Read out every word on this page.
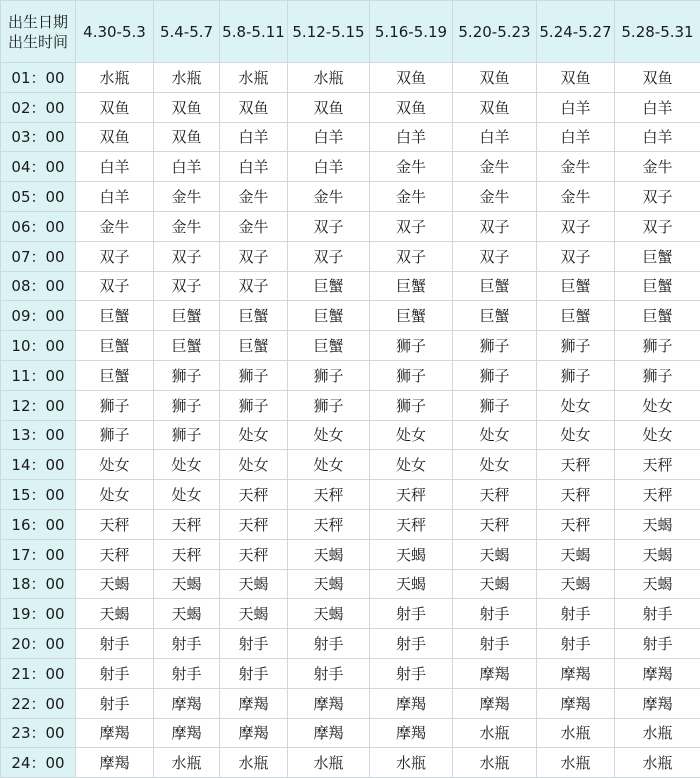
出生日期
出生时间	4.30-5.3	5.4-5.7	5.8-5.11	5.12-5.15	5.16-5.19	5.20-5.23	5.24-5.27	5.28-5.31
01：00	水瓶	水瓶	水瓶	水瓶	双鱼	双鱼	双鱼	双鱼
02：00	双鱼	双鱼	双鱼	双鱼	双鱼	双鱼	白羊	白羊
03：00	双鱼	双鱼	白羊	白羊	白羊	白羊	白羊	白羊
04：00	白羊	白羊	白羊	白羊	金牛	金牛	金牛	金牛
05：00	白羊	金牛	金牛	金牛	金牛	金牛	金牛	双子
06：00	金牛	金牛	金牛	双子	双子	双子	双子	双子
07：00	双子	双子	双子	双子	双子	双子	双子	巨蟹
08：00	双子	双子	双子	巨蟹	巨蟹	巨蟹	巨蟹	巨蟹
09：00	巨蟹	巨蟹	巨蟹	巨蟹	巨蟹	巨蟹	巨蟹	巨蟹
10：00	巨蟹	巨蟹	巨蟹	巨蟹	狮子	狮子	狮子	狮子
11：00	巨蟹	狮子	狮子	狮子	狮子	狮子	狮子	狮子
12：00	狮子	狮子	狮子	狮子	狮子	狮子	处女	处女
13：00	狮子	狮子	处女	处女	处女	处女	处女	处女
14：00	处女	处女	处女	处女	处女	处女	天秤	天秤
15：00	处女	处女	天秤	天秤	天秤	天秤	天秤	天秤
16：00	天秤	天秤	天秤	天秤	天秤	天秤	天秤	天蝎
17：00	天秤	天秤	天秤	天蝎	天蝎	天蝎	天蝎	天蝎
18：00	天蝎	天蝎	天蝎	天蝎	天蝎	天蝎	天蝎	天蝎
19：00	天蝎	天蝎	天蝎	天蝎	射手	射手	射手	射手
20：00	射手	射手	射手	射手	射手	射手	射手	射手
21：00	射手	射手	射手	射手	射手	摩羯	摩羯	摩羯
22：00	射手	摩羯	摩羯	摩羯	摩羯	摩羯	摩羯	摩羯
23：00	摩羯	摩羯	摩羯	摩羯	摩羯	水瓶	水瓶	水瓶
24：00	摩羯	水瓶	水瓶	水瓶	水瓶	水瓶	水瓶	水瓶
